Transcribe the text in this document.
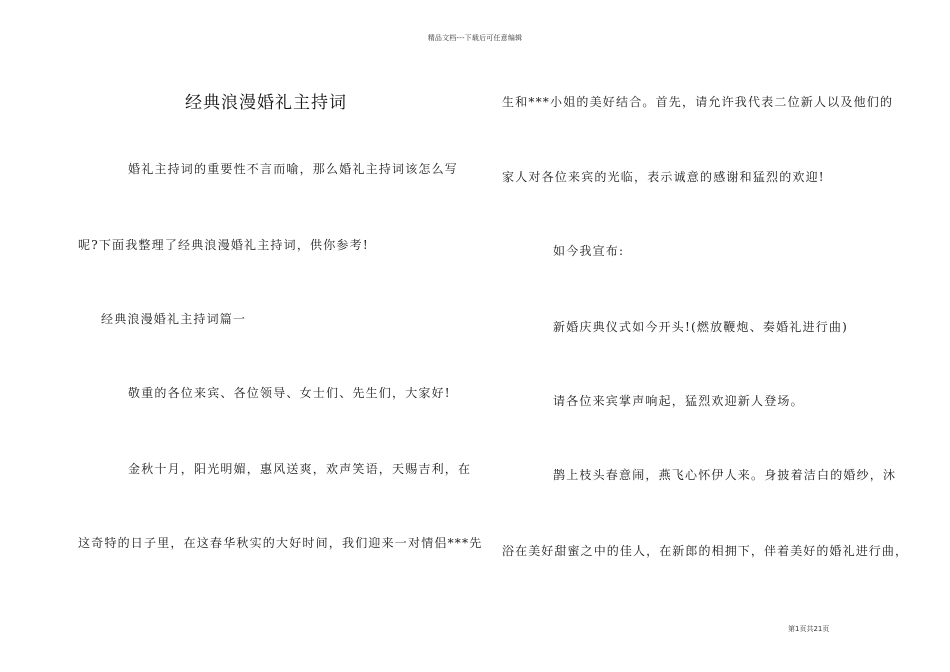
精品文档---下载后可任意编辑
经典浪漫婚礼主持词
婚礼主持词的重要性不言而喻，那么婚礼主持词该怎么写
呢?下面我整理了经典浪漫婚礼主持词，供你参考!
经典浪漫婚礼主持词篇一
敬重的各位来宾、各位领导、女士们、先生们，大家好!
金秋十月，阳光明媚，惠风送爽，欢声笑语，天赐吉利，在
这奇特的日子里，在这春华秋实的大好时间，我们迎来一对情侣***先
生和***小姐的美好结合。首先，请允许我代表二位新人以及他们的
家人对各位来宾的光临，表示诚意的感谢和猛烈的欢迎!
如今我宣布:
新婚庆典仪式如今开头!(燃放鞭炮、奏婚礼进行曲)
请各位来宾掌声响起，猛烈欢迎新人登场。
鹊上枝头春意闹，燕飞心怀伊人来。身披着洁白的婚纱，沐
浴在美好甜蜜之中的佳人，在新郎的相拥下，伴着美好的婚礼进行曲，
第1页共21页
